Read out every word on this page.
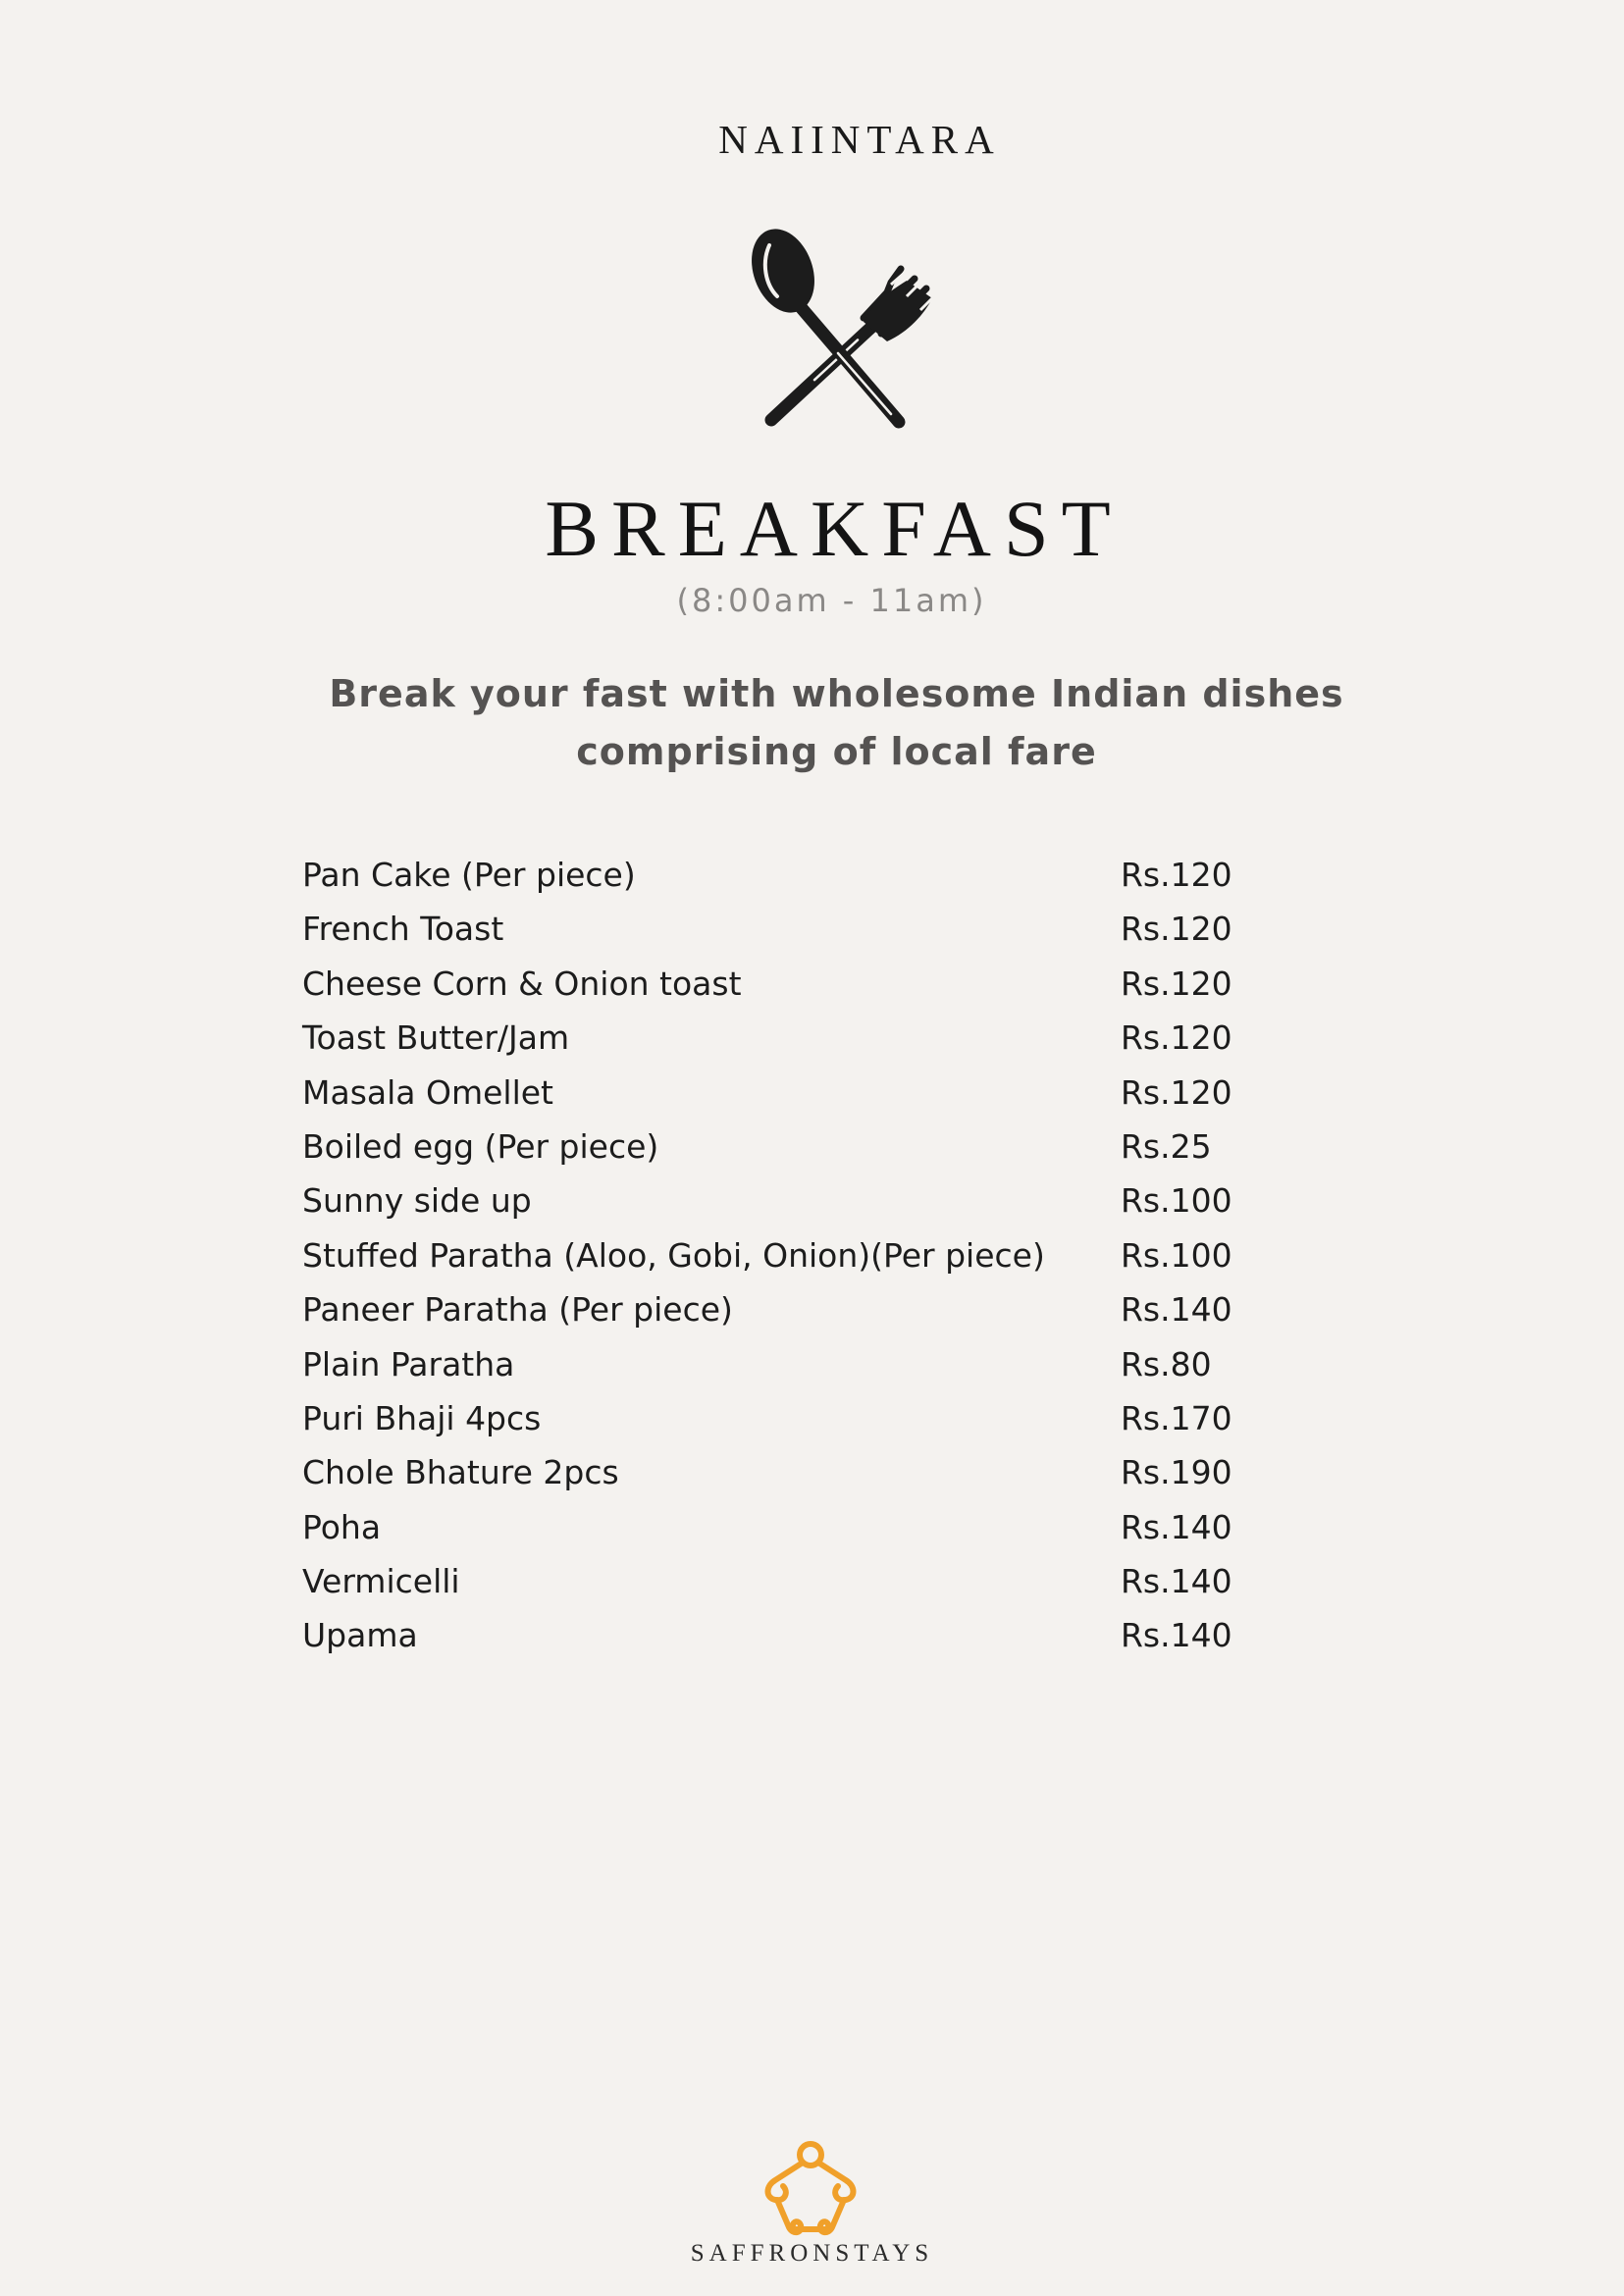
NAIINTARA
BREAKFAST
(8:00am - 11am)
Break your fast with wholesome Indian dishes
comprising of local fare
Pan Cake (Per piece)	Rs.120
French Toast	Rs.120
Cheese Corn & Onion toast	Rs.120
Toast Butter/Jam	Rs.120
Masala Omellet	Rs.120
Boiled egg (Per piece)	Rs.25
Sunny side up	Rs.100
Stuffed Paratha (Aloo, Gobi, Onion)(Per piece) Rs.100
Paneer Paratha (Per piece)	Rs.140
Plain Paratha	Rs.80
Puri Bhaji 4pcs	Rs.170
Chole Bhature 2pcs	Rs.190
Poha	Rs.140
Vermicelli	Rs.140
Upama	Rs.140
SAFFRONSTAYS
